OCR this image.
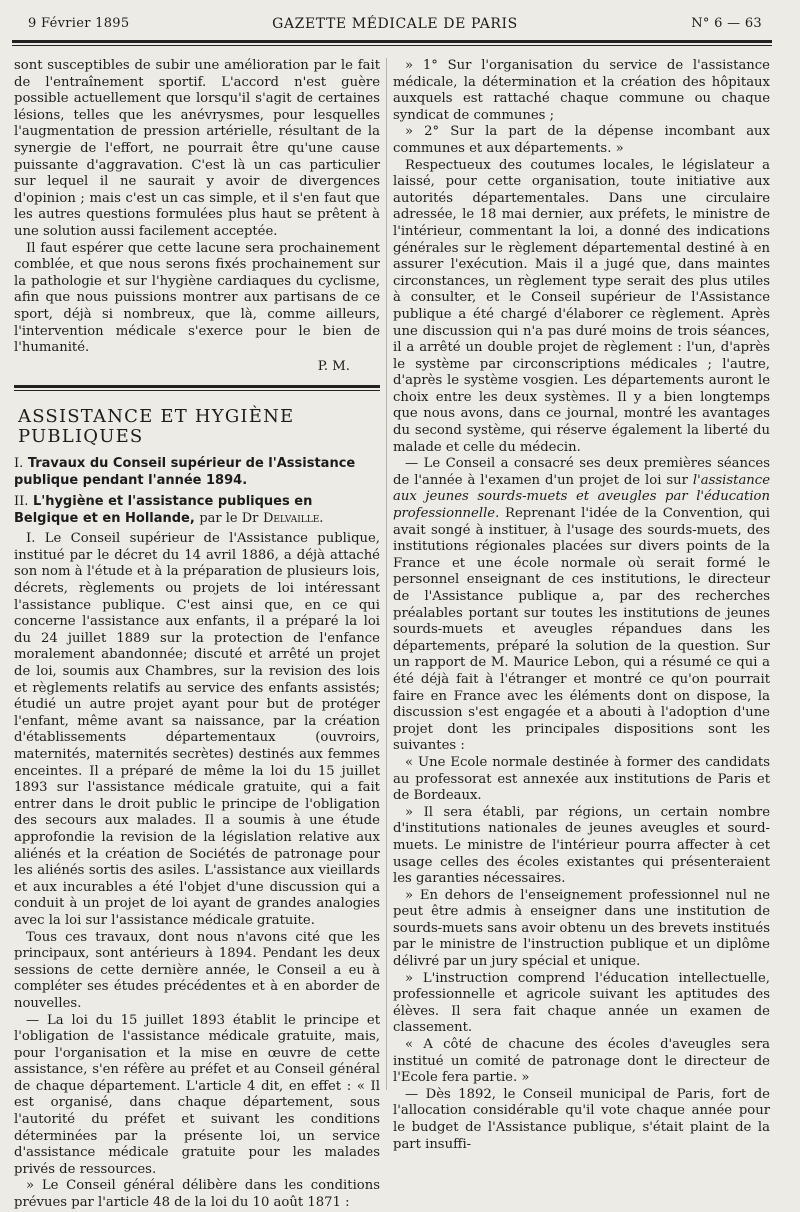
9 Février 1895	GAZETTE MÉDICALE DE PARIS	N° 6 — 63

sont susceptibles de subir une amélioration par le fait de l'entraînement sportif. L'accord n'est guère possible actuellement que lorsqu'il s'agit de certaines lésions, telles que les anévrysmes, pour lesquelles l'augmentation de pression artérielle, résultant de la synergie de l'effort, ne pourrait être qu'une cause puissante d'aggravation. C'est là un cas particulier sur lequel il ne saurait y avoir de divergences d'opinion ; mais c'est un cas simple, et il s'en faut que les autres questions formulées plus haut se prêtent à une solution aussi facilement acceptée.

Il faut espérer que cette lacune sera prochainement comblée, et que nous serons fixés prochainement sur la pathologie et sur l'hygiène cardiaques du cyclisme, afin que nous puissions montrer aux partisans de ce sport, déjà si nombreux, que là, comme ailleurs, l'intervention médicale s'exerce pour le bien de l'humanité.

P. M.
ASSISTANCE ET HYGIÈNE PUBLIQUES
I. Travaux du Conseil supérieur de l'Assistance publique pendant l'année 1894.
II. L'hygiène et l'assistance publiques en Belgique et en Hollande, par le Dr Delvaille.

I. Le Conseil supérieur de l'Assistance publique, institué par le décret du 14 avril 1886, a déjà attaché son nom à l'étude et à la préparation de plusieurs lois, décrets, règlements ou projets de loi intéressant l'assistance publique. C'est ainsi que, en ce qui concerne l'assistance aux enfants, il a préparé la loi du 24 juillet 1889 sur la protection de l'enfance moralement abandonnée; discuté et arrêté un projet de loi, soumis aux Chambres, sur la revision des lois et règlements relatifs au service des enfants assistés; étudié un autre projet ayant pour but de protéger l'enfant, même avant sa naissance, par la création d'établissements départementaux (ouvroirs, maternités, maternités secrètes) destinés aux femmes enceintes. Il a préparé de même la loi du 15 juillet 1893 sur l'assistance médicale gratuite, qui a fait entrer dans le droit public le principe de l'obligation des secours aux malades. Il a soumis à une étude approfondie la revision de la législation relative aux aliénés et la création de Sociétés de patronage pour les aliénés sortis des asiles. L'assistance aux vieillards et aux incurables a été l'objet d'une discussion qui a conduit à un projet de loi ayant de grandes analogies avec la loi sur l'assistance médicale gratuite.

Tous ces travaux, dont nous n'avons cité que les principaux, sont antérieurs à 1894. Pendant les deux sessions de cette dernière année, le Conseil a eu à compléter ses études précédentes et à en aborder de nouvelles.

— La loi du 15 juillet 1893 établit le principe et l'obligation de l'assistance médicale gratuite, mais, pour l'organisation et la mise en œuvre de cette assistance, s'en réfère au préfet et au Conseil général de chaque département. L'article 4 dit, en effet : « Il est organisé, dans chaque département, sous l'autorité du préfet et suivant les conditions déterminées par la présente loi, un service d'assistance médicale gratuite pour les malades privés de ressources.

» Le Conseil général délibère dans les conditions prévues par l'article 48 de la loi du 10 août 1871 :

» 1° Sur l'organisation du service de l'assistance médicale, la détermination et la création des hôpitaux auxquels est rattaché chaque commune ou chaque syndicat de communes ;

» 2° Sur la part de la dépense incombant aux communes et aux départements. »

Respectueux des coutumes locales, le législateur a laissé, pour cette organisation, toute initiative aux autorités départementales. Dans une circulaire adressée, le 18 mai dernier, aux préfets, le ministre de l'intérieur, commentant la loi, a donné des indications générales sur le règlement départemental destiné à en assurer l'exécution. Mais il a jugé que, dans maintes circonstances, un règlement type serait des plus utiles à consulter, et le Conseil supérieur de l'Assistance publique a été chargé d'élaborer ce règlement. Après une discussion qui n'a pas duré moins de trois séances, il a arrêté un double projet de règlement : l'un, d'après le système par circonscriptions médicales ; l'autre, d'après le système vosgien. Les départements auront le choix entre les deux systèmes. Il y a bien longtemps que nous avons, dans ce journal, montré les avantages du second système, qui réserve également la liberté du malade et celle du médecin.

— Le Conseil a consacré ses deux premières séances de l'année à l'examen d'un projet de loi sur l'assistance aux jeunes sourds-muets et aveugles par l'éducation professionnelle. Reprenant l'idée de la Convention, qui avait songé à instituer, à l'usage des sourds-muets, des institutions régionales placées sur divers points de la France et une école normale où serait formé le personnel enseignant de ces institutions, le directeur de l'Assistance publique a, par des recherches préalables portant sur toutes les institutions de jeunes sourds-muets et aveugles répandues dans les départements, préparé la solution de la question. Sur un rapport de M. Maurice Lebon, qui a résumé ce qui a été déjà fait à l'étranger et montré ce qu'on pourrait faire en France avec les éléments dont on dispose, la discussion s'est engagée et a abouti à l'adoption d'une projet dont les principales dispositions sont les suivantes :

« Une Ecole normale destinée à former des candidats au professorat est annexée aux institutions de Paris et de Bordeaux.

» Il sera établi, par régions, un certain nombre d'institutions nationales de jeunes aveugles et sourd-muets. Le ministre de l'intérieur pourra affecter à cet usage celles des écoles existantes qui présenteraient les garanties nécessaires.

» En dehors de l'enseignement professionnel nul ne peut être admis à enseigner dans une institution de sourds-muets sans avoir obtenu un des brevets institués par le ministre de l'instruction publique et un diplôme délivré par un jury spécial et unique.

» L'instruction comprend l'éducation intellectuelle, professionnelle et agricole suivant les aptitudes des élèves. Il sera fait chaque année un examen de classement.

« A côté de chacune des écoles d'aveugles sera institué un comité de patronage dont le directeur de l'Ecole fera partie. »

— Dès 1892, le Conseil municipal de Paris, fort de l'allocation considérable qu'il vote chaque année pour le budget de l'Assistance publique, s'était plaint de la part insuffi-
